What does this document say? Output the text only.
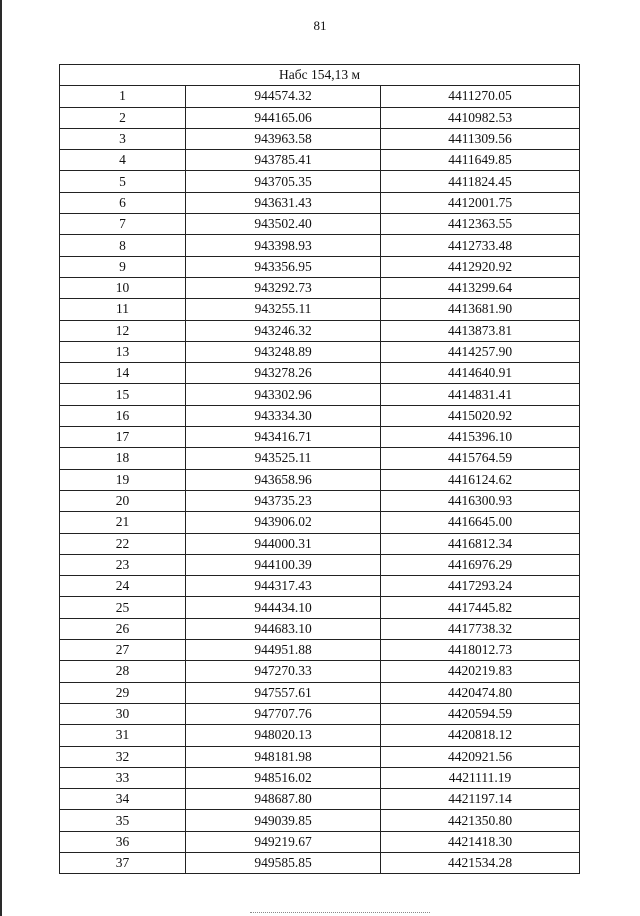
81
Набс 154,13 м		
1	944574.32	4411270.05
2	944165.06	4410982.53
3	943963.58	4411309.56
4	943785.41	4411649.85
5	943705.35	4411824.45
6	943631.43	4412001.75
7	943502.40	4412363.55
8	943398.93	4412733.48
9	943356.95	4412920.92
10	943292.73	4413299.64
11	943255.11	4413681.90
12	943246.32	4413873.81
13	943248.89	4414257.90
14	943278.26	4414640.91
15	943302.96	4414831.41
16	943334.30	4415020.92
17	943416.71	4415396.10
18	943525.11	4415764.59
19	943658.96	4416124.62
20	943735.23	4416300.93
21	943906.02	4416645.00
22	944000.31	4416812.34
23	944100.39	4416976.29
24	944317.43	4417293.24
25	944434.10	4417445.82
26	944683.10	4417738.32
27	944951.88	4418012.73
28	947270.33	4420219.83
29	947557.61	4420474.80
30	947707.76	4420594.59
31	948020.13	4420818.12
32	948181.98	4420921.56
33	948516.02	4421111.19
34	948687.80	4421197.14
35	949039.85	4421350.80
36	949219.67	4421418.30
37	949585.85	4421534.28
